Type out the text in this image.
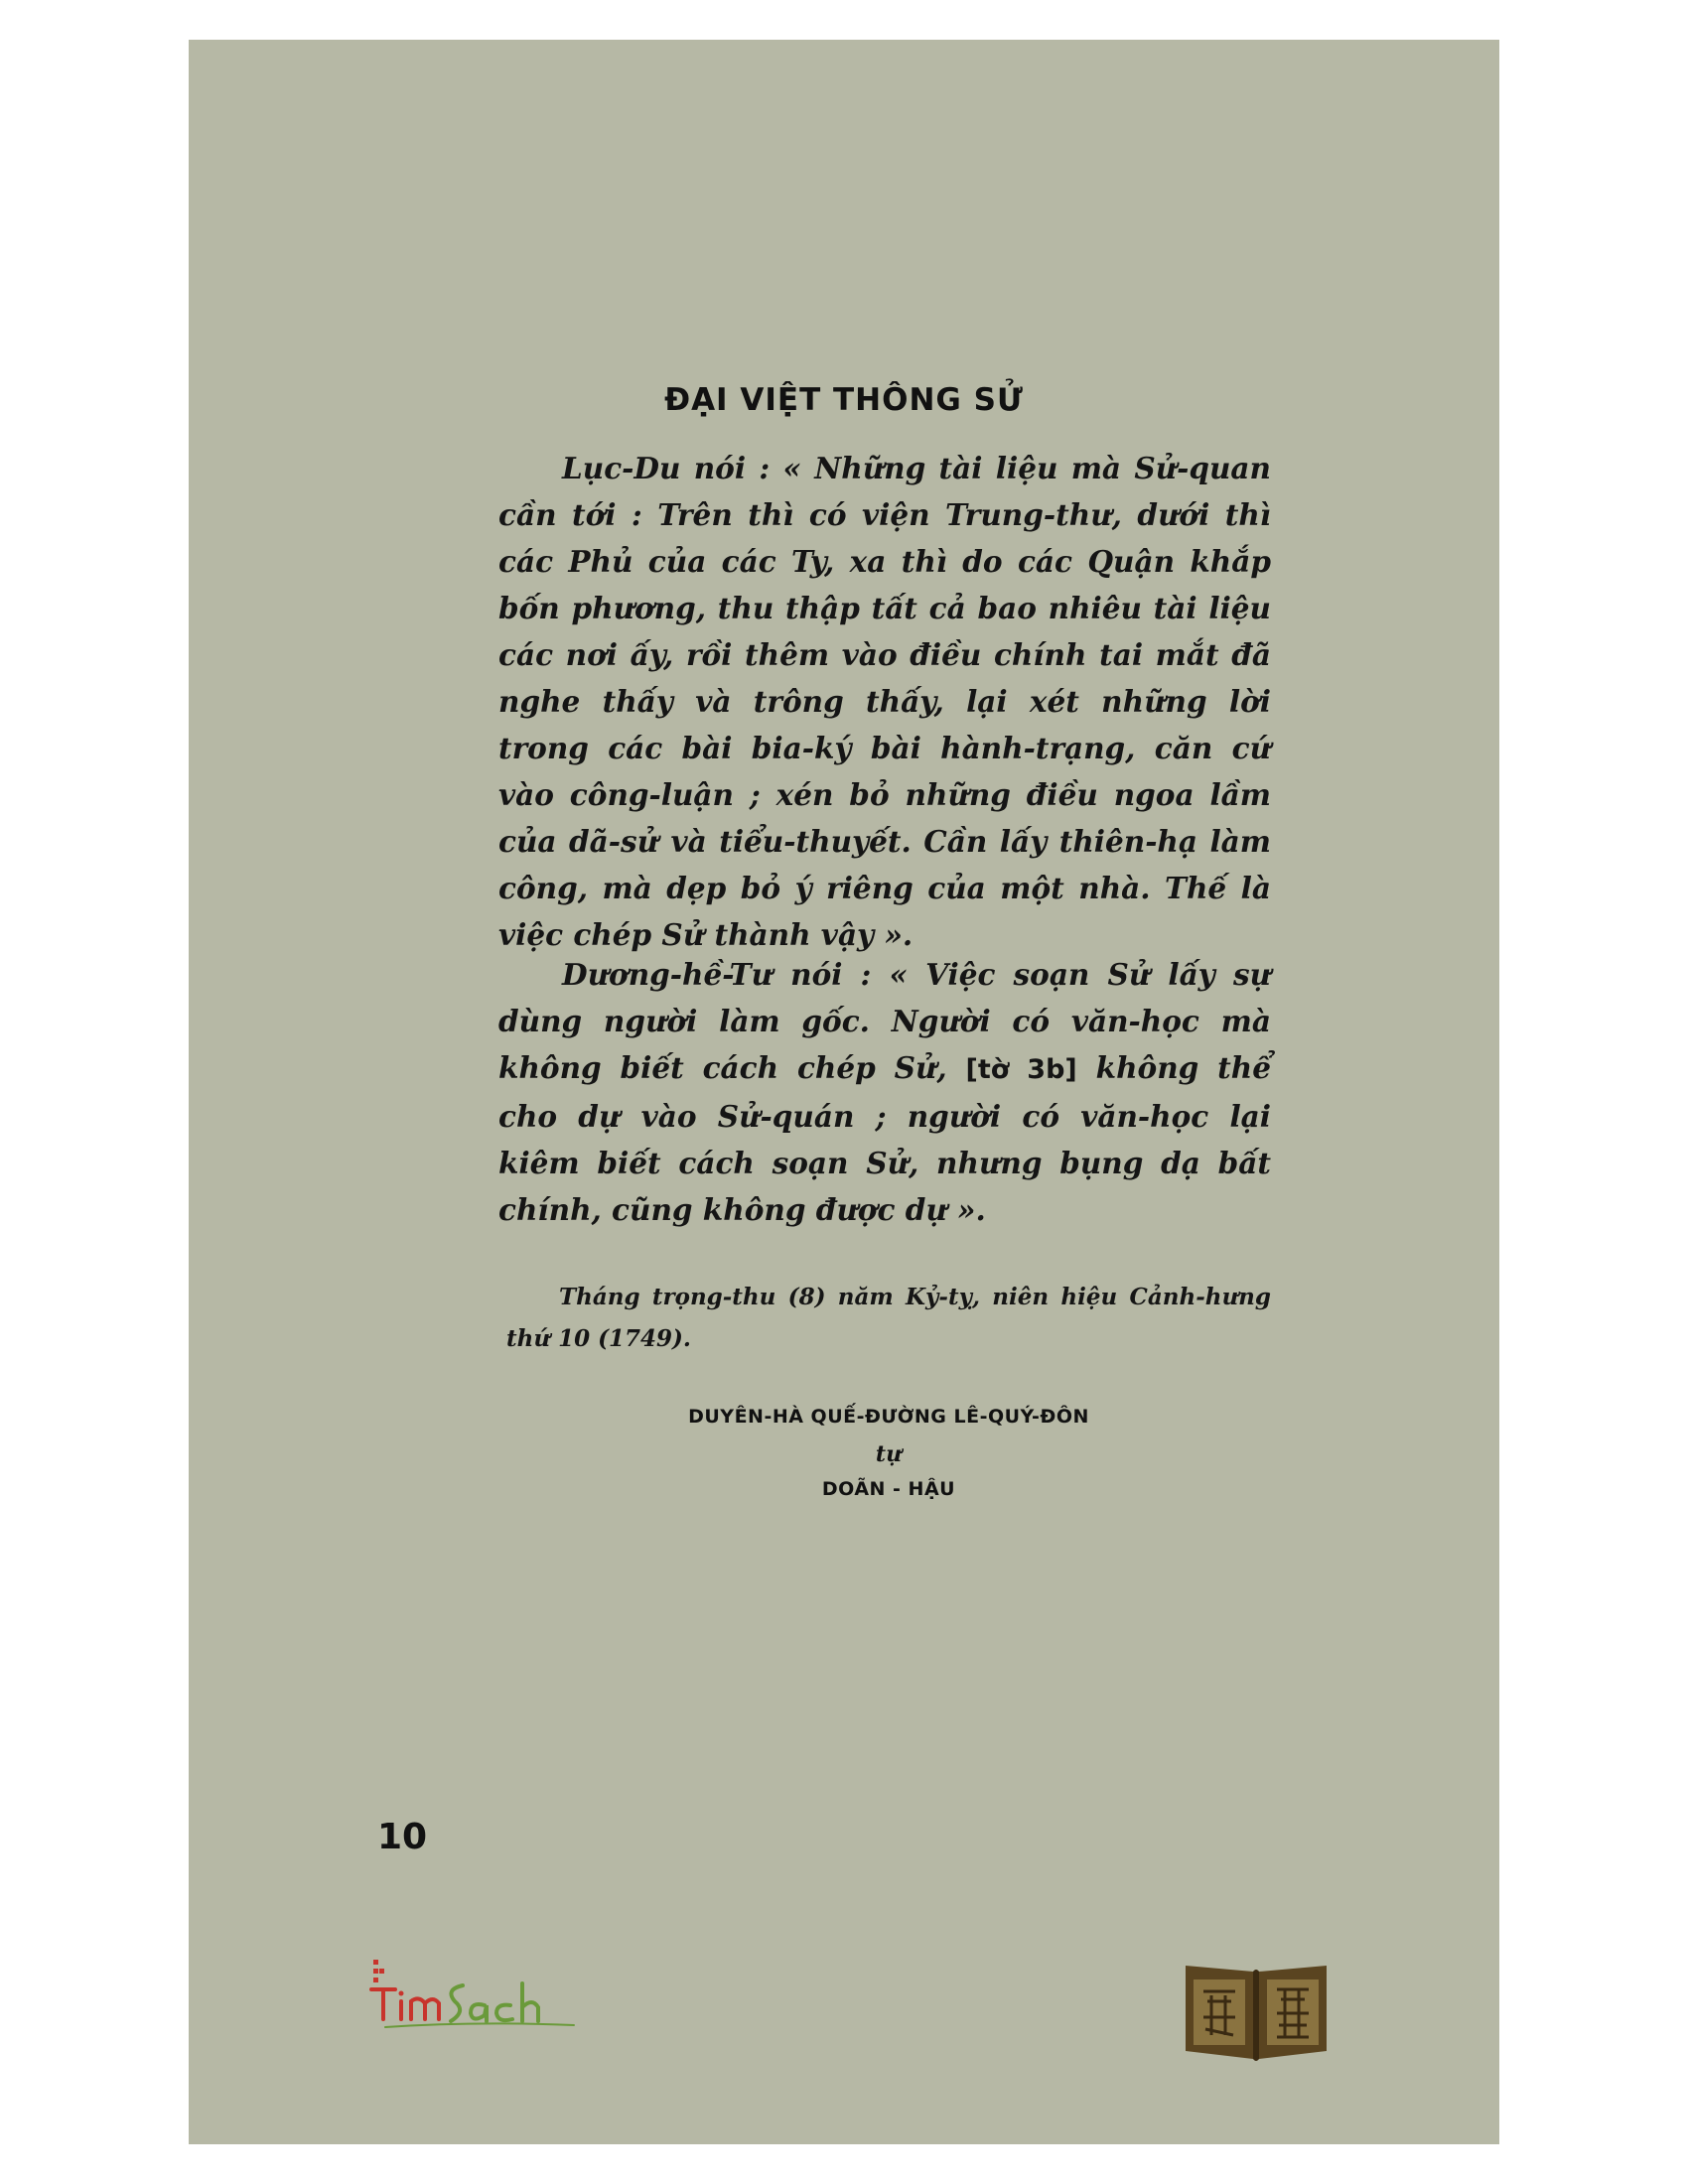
ĐẠI VIỆT THÔNG SỬ

Lục-Du nói : « Những tài liệu mà Sử-quan cần tới : Trên thì có viện Trung-thư, dưới thì các Phủ của các Ty, xa thì do các Quận khắp bốn phương, thu thập tất cả bao nhiêu tài liệu các nơi ấy, rồi thêm vào điều chính tai mắt đã nghe thấy và trông thấy, lại xét những lời trong các bài bia-ký bài hành-trạng, căn cứ vào công-luận ; xén bỏ những điều ngoa lầm của dã-sử và tiểu-thuyết. Cần lấy thiên-hạ làm công, mà dẹp bỏ ý riêng của một nhà. Thế là việc chép Sử thành vậy ».

Dương-hề-Tư nói : « Việc soạn Sử lấy sự dùng người làm gốc. Người có văn-học mà không biết cách chép Sử, [tờ 3b] không thể cho dự vào Sử-quán ; người có văn-học lại kiêm biết cách soạn Sử, nhưng bụng dạ bất chính, cũng không được dự ».

Tháng trọng-thu (8) năm Kỷ-tỵ, niên hiệu Cảnh-hưng thứ 10 (1749).

DUYÊN-HÀ QUẾ-ĐƯỜNG LÊ-QUÝ-ĐÔN
tự
DOÃN - HẬU
10
